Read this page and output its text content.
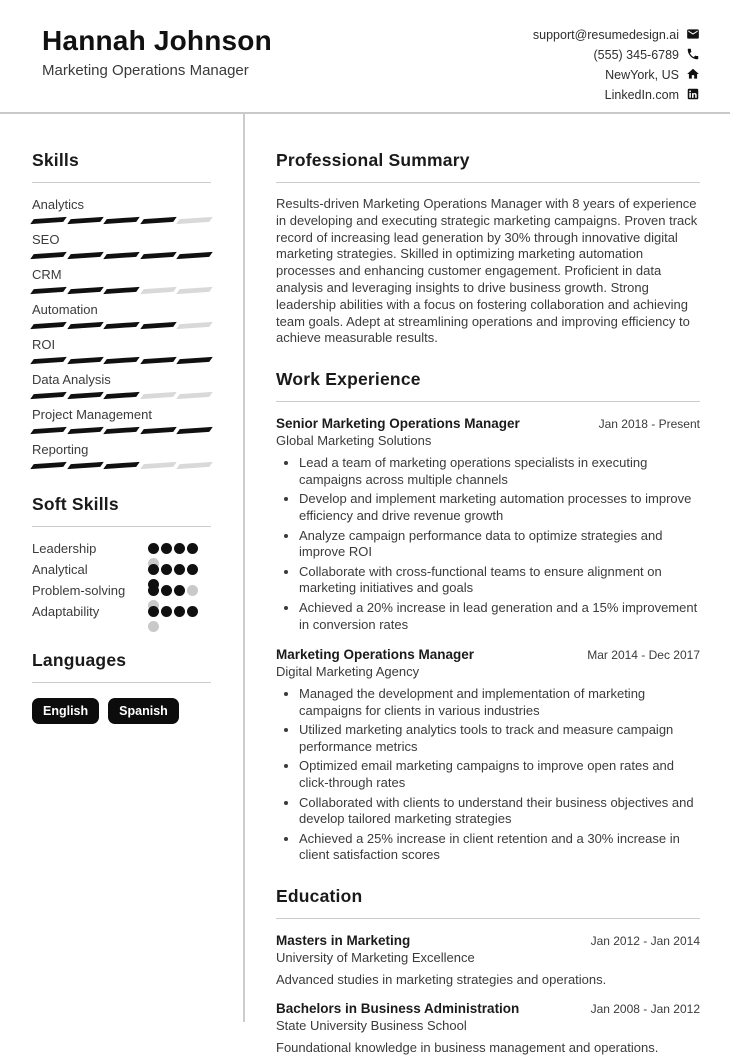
Hannah Johnson
Marketing Operations Manager
support@resumedesign.ai
(555) 345-6789
NewYork, US
LinkedIn.com
Skills
Analytics
SEO
CRM
Automation
ROI
Data Analysis
Project Management
Reporting
Soft Skills
Leadership
Analytical
Problem-solving
Adaptability
Languages
English	Spanish
Professional Summary

Results-driven Marketing Operations Manager with 8 years of experience in developing and executing strategic marketing campaigns. Proven track record of increasing lead generation by 30% through innovative digital marketing strategies. Skilled in optimizing marketing automation processes and enhancing customer engagement. Proficient in data analysis and leveraging insights to drive business growth. Strong leadership abilities with a focus on fostering collaboration and achieving team goals. Adept at streamlining operations and improving efficiency to achieve measurable results.

Work Experience
Senior Marketing Operations Manager	Jan 2018 - Present
Global Marketing Solutions
• Lead a team of marketing operations specialists in executing campaigns across multiple channels
• Develop and implement marketing automation processes to improve efficiency and drive revenue growth
• Analyze campaign performance data to optimize strategies and improve ROI
• Collaborate with cross-functional teams to ensure alignment on marketing initiatives and goals
• Achieved a 20% increase in lead generation and a 15% improvement in conversion rates
Marketing Operations Manager	Mar 2014 - Dec 2017
Digital Marketing Agency
• Managed the development and implementation of marketing campaigns for clients in various industries
• Utilized marketing analytics tools to track and measure campaign performance metrics
• Optimized email marketing campaigns to improve open rates and click-through rates
• Collaborated with clients to understand their business objectives and develop tailored marketing strategies
• Achieved a 25% increase in client retention and a 30% increase in client satisfaction scores
Education
Masters in Marketing	Jan 2012 - Jan 2014
University of Marketing Excellence

Advanced studies in marketing strategies and operations.

Bachelors in Business Administration	Jan 2008 - Jan 2012
State University Business School

Foundational knowledge in business management and operations.
